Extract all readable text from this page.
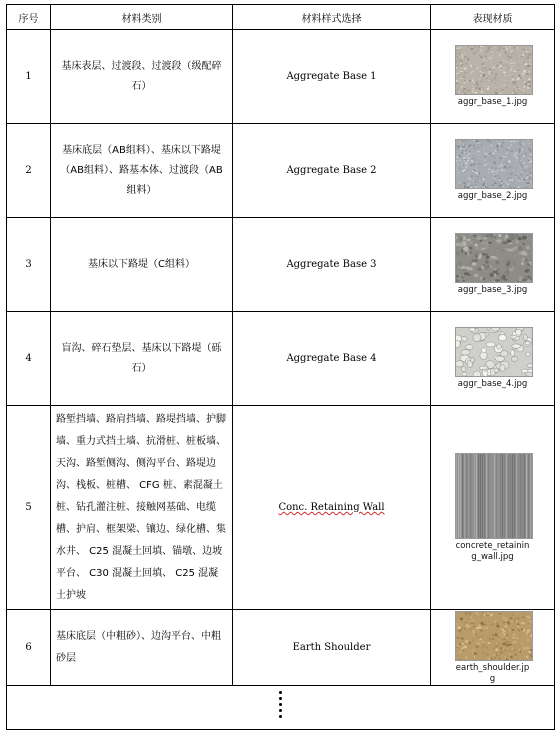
序号	材料类别	材料样式选择	表现材质
1	基床表层、过渡段、过渡段（级配碎石）	Aggregate Base 1	aggr_base_1.jpg

2	基床底层（AB组料）、基床以下路堤（AB组料）、路基本体、过渡段（AB组料）	Aggregate Base 2	aggr_base_2.jpg

3	基床以下路堤（C组料）	Aggregate Base 3	aggr_base_3.jpg

4	盲沟、碎石垫层、基床以下路堤（砾石）	Aggregate Base 4	aggr_base_4.jpg

5	路堑挡墙、路肩挡墙、路堤挡墙、护脚墙、重力式挡土墙、抗滑桩、桩板墙、天沟、路堑侧沟、侧沟平台、路堤边沟、栈板、桩槽、 CFG 桩、素混凝土桩、钻孔灌注桩、接触网基础、电缆槽、护肩、框架梁、镶边、绿化槽、集水井、 C25 混凝土回填、锚墩、边坡平台、 C30 混凝土回填、 C25 混凝土护坡	Conc. Retaining Wall	concrete_retaining_wall.jpg

6	基床底层（中粗砂）、边沟平台、中粗砂层	Earth Shoulder	earth_shoulder.jpg
